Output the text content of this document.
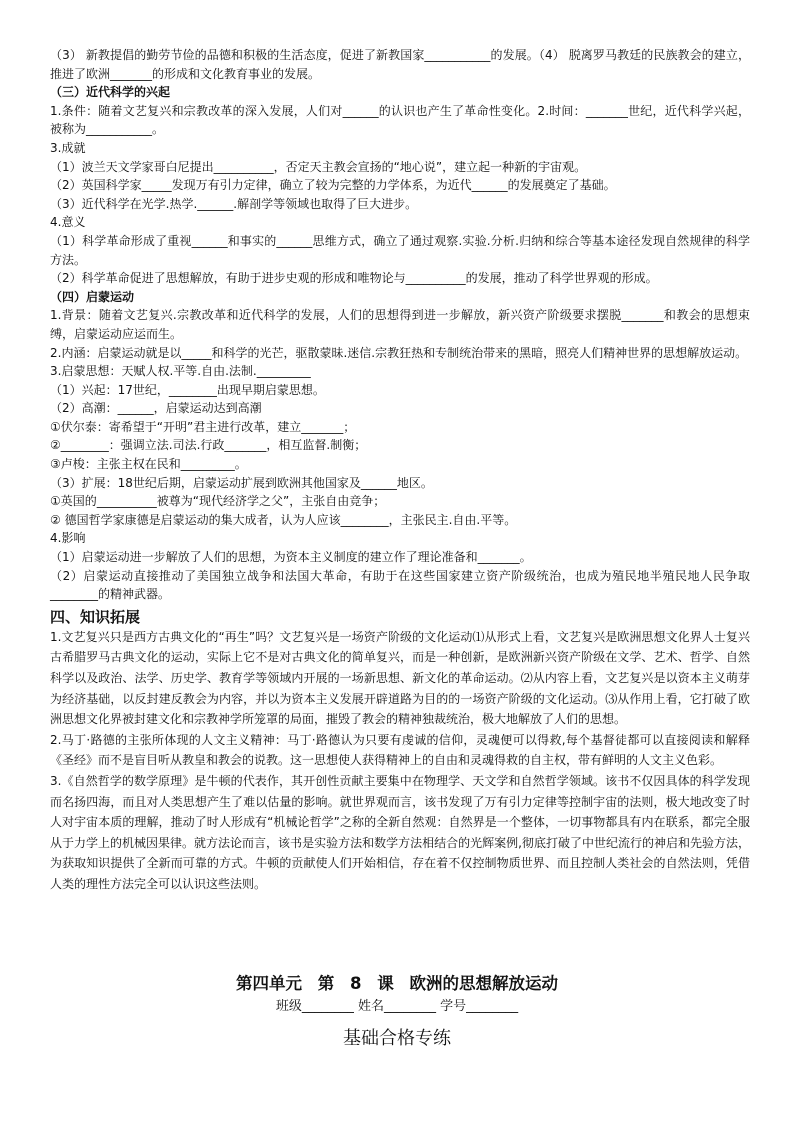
（3） 新教提倡的勤劳节俭的品德和积极的生活态度，促进了新教国家___________的发展。（4） 脱离罗马教廷的民族教会的建立，推进了欧洲_______的形成和文化教育事业的发展。

（三）近代科学的兴起

1.条件：随着文艺复兴和宗教改革的深入发展，人们对______的认识也产生了革命性变化。2.时间：_______世纪，近代科学兴起，被称为___________。

3.成就

（1）波兰天文学家哥白尼提出__________，否定天主教会宣扬的“地心说”，建立起一种新的宇宙观。

（2）英国科学家_____发现万有引力定律，确立了较为完整的力学体系，为近代______的发展奠定了基础。

（3）近代科学在光学.热学.______.解剖学等领域也取得了巨大进步。

4.意义

（1）科学革命形成了重视______和事实的______思维方式，确立了通过观察.实验.分析.归纳和综合等基本途径发现自然规律的科学方法。

（2）科学革命促进了思想解放，有助于进步史观的形成和唯物论与__________的发展，推动了科学世界观的形成。

（四）启蒙运动

1.背景：随着文艺复兴.宗教改革和近代科学的发展，人们的思想得到进一步解放，新兴资产阶级要求摆脱_______和教会的思想束缚，启蒙运动应运而生。

2.内涵：启蒙运动就是以_____和科学的光芒，驱散蒙昧.迷信.宗教狂热和专制统治带来的黑暗，照亮人们精神世界的思想解放运动。

3.启蒙思想：天赋人权.平等.自由.法制._________

（1）兴起：17世纪，________出现早期启蒙思想。

（2）高潮：______，启蒙运动达到高潮

①伏尔泰：寄希望于“开明”君主进行改革，建立_______；

②________：强调立法.司法.行政_______，相互监督.制衡；

③卢梭：主张主权在民和_________。

（3）扩展：18世纪后期，启蒙运动扩展到欧洲其他国家及______地区。

①英国的__________被尊为“现代经济学之父”，主张自由竞争；

② 德国哲学家康德是启蒙运动的集大成者，认为人应该________，主张民主.自由.平等。

4.影响

（1）启蒙运动进一步解放了人们的思想，为资本主义制度的建立作了理论准备和_______。

（2）启蒙运动直接推动了美国独立战争和法国大革命，有助于在这些国家建立资产阶级统治，也成为殖民地半殖民地人民争取________的精神武器。

四、知识拓展

1.文艺复兴只是西方古典文化的“再生”吗？文艺复兴是一场资产阶级的文化运动⑴从形式上看，文艺复兴是欧洲思想文化界人士复兴古希腊罗马古典文化的运动，实际上它不是对古典文化的简单复兴，而是一种创新，是欧洲新兴资产阶级在文学、艺术、哲学、自然科学以及政治、法学、历史学、教育学等领域内开展的一场新思想、新文化的革命运动。⑵从内容上看，文艺复兴是以资本主义萌芽为经济基础，以反封建反教会为内容，并以为资本主义发展开辟道路为目的的一场资产阶级的文化运动。⑶从作用上看，它打破了欧洲思想文化界被封建文化和宗教神学所笼罩的局面，摧毁了教会的精神独裁统治，极大地解放了人们的思想。

2.马丁·路德的主张所体现的人文主义精神：马丁·路德认为只要有虔诚的信仰，灵魂便可以得救,每个基督徒都可以直接阅读和解释《圣经》而不是盲目听从教皇和教会的说教。这一思想使人获得精神上的自由和灵魂得救的自主权，带有鲜明的人文主义色彩。

3.《自然哲学的数学原理》是牛顿的代表作，其开创性贡献主要集中在物理学、天文学和自然哲学领域。该书不仅因具体的科学发现而名扬四海，而且对人类思想产生了难以估量的影响。就世界观而言，该书发现了万有引力定律等控制宇宙的法则，极大地改变了时人对宇宙本质的理解，推动了时人形成有“机械论哲学”之称的全新自然观：自然界是一个整体，一切事物都具有内在联系，都完全服从于力学上的机械因果律。就方法论而言，该书是实验方法和数学方法相结合的光辉案例,彻底打破了中世纪流行的神启和先验方法，为获取知识提供了全新而可靠的方式。牛顿的贡献使人们开始相信，存在着不仅控制物质世界、而且控制人类社会的自然法则，凭借人类的理性方法完全可以认识这些法则。

第四单元 第 8 课 欧洲的思想解放运动
班级________ 姓名________ 学号________
基础合格专练
